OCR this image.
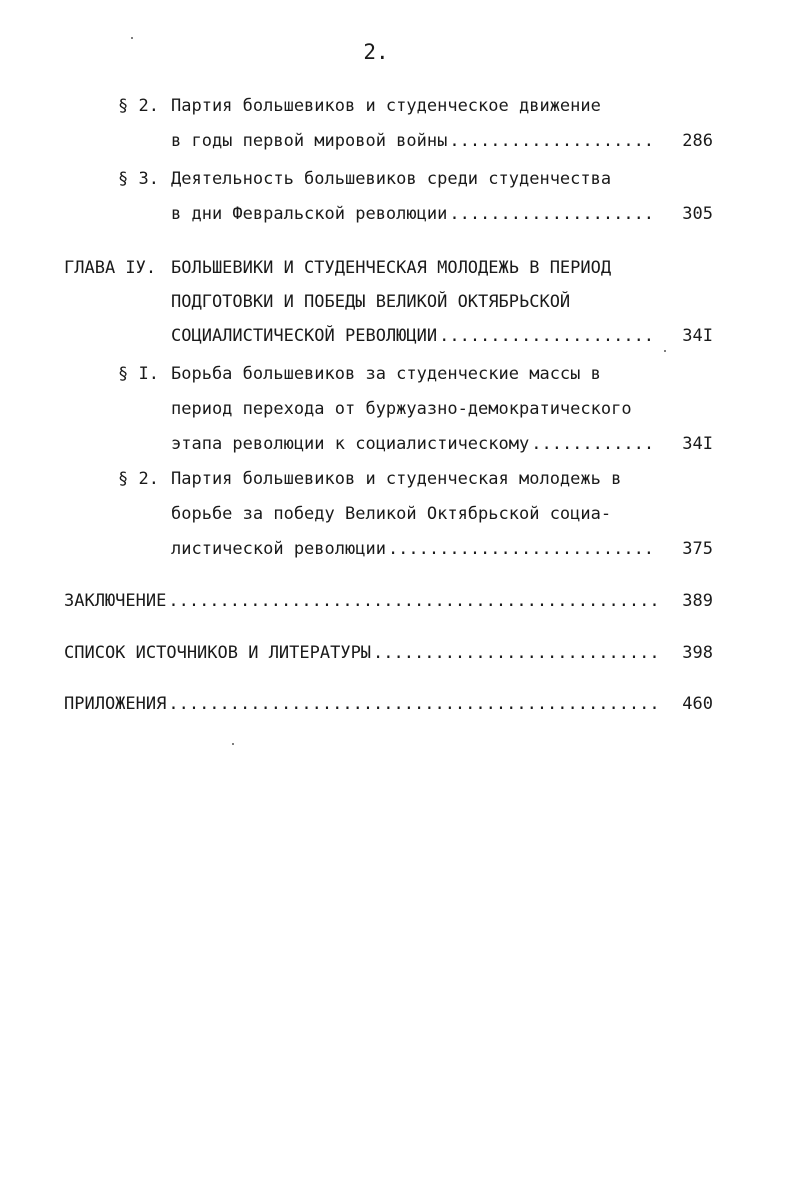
2.
§ 2. Партия большевиков и студенческое движение
в годы первой мировой войны .....	286
§ 3. Деятельность большевиков среди студенчества
в дни Февральской революции .....	305
ГЛАВА IУ. БОЛЬШЕВИКИ И СТУДЕНЧЕСКАЯ МОЛОДЕЖЬ В ПЕРИОД
ПОДГОТОВКИ И ПОБЕДЫ ВЕЛИКОЙ ОКТЯБРЬСКОЙ
СОЦИАЛИСТИЧЕСКОЙ РЕВОЛЮЦИИ .....	34I
§ I. Борьба большевиков за студенческие массы в
период перехода от буржуазно-демократического
этапа революции к социалистическому .....	34I
§ 2. Партия большевиков и студенческая молодежь в
борьбе за победу Великой Октябрьской социа-
листической революции .....	375
ЗАКЛЮЧЕНИЕ .....	389
СПИСОК ИСТОЧНИКОВ И ЛИТЕРАТУРЫ .....	398
ПРИЛОЖЕНИЯ .....	460
